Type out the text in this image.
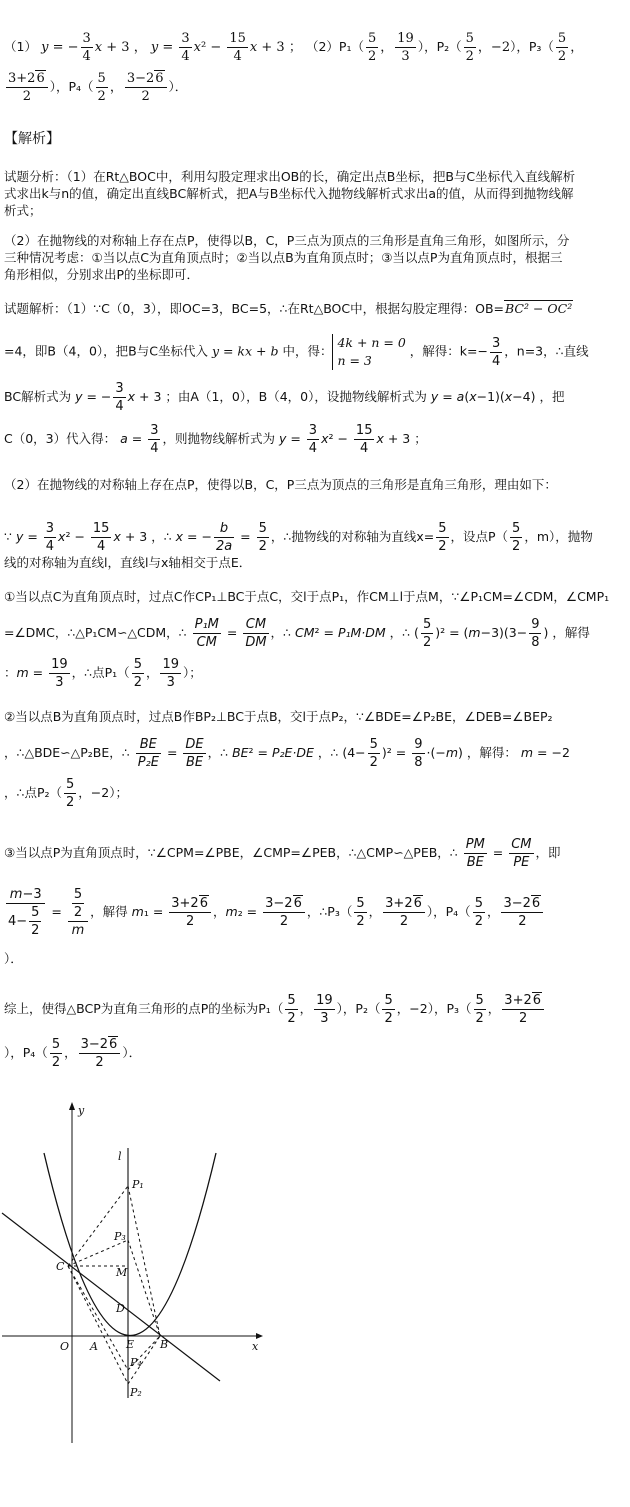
（1） y = − $\frac{3}{4}$ x + 3 ， $y = \frac{3}{4} x^2 - \frac{15}{4}$ x + 3 ； $(2)P_1( \frac{5}{2}$ ， $\frac{19}{3}$ ），$P_2( \frac{5}{2}$ ，−2），$P_3( \frac{5}{2}$ ，
$\frac{3+26}{2}$ ），$P_4( \frac{5}{2}$ ， $\frac{3-26}{2}$ ）．
【解析】
试题分析：（1）在Rt△BOC中，利用勾股定理求出OB的长，确定出点B坐标，把B与C坐标代入直线解析
式求出k与n的值，确定出直线BC解析式，把A与B坐标代入抛物线解析式求出a的值，从而得到抛物线解
析式；
（2）在抛物线的对称轴上存在点P，使得以B，C，P三点为顶点的三角形是直角三角形，如图所示，分
三种情况考虑：①当以点C为直角顶点时；②当以点B为直角顶点时；③当以点P为直角顶点时，根据三
角形相似，分别求出P的坐标即可．
试题解析：（1）∵C（0，3），即OC=3，BC=5，∴在Rt△BOC中，根据勾股定理得：OB=BC² − OC²
=4，即B（4，0），把B与C坐标代入 y = kx + b 中，得：4k + n = 0
n = 3 ，解得：$k=- \frac{3}{4}$ ，n=3，∴直线
BC解析式为 y = − $\frac{3}{4}$ x + 3 ；由A（1，0），B（4，0），设抛物线解析式为 y = a(x−1)(x−4) ，把
C（0，3）代入得： $a = \frac{3}{4}$ ，则抛物线解析式为 $y = \frac{3}{4} x^2 - \frac{15}{4}$ x + 3 ；
（2）在抛物线的对称轴上存在点P，使得以B，C，P三点为顶点的三角形是直角三角形，理由如下：
∵ $y = \frac{3}{4} x^2 - \frac{15}{4}$ x + 3 ，∴ x = − $\frac{b}{2a} = \frac{5}{2}$ ，∴抛物线的对称轴为直线$x= \frac{5}{2}$ ，设点$P( \frac{5}{2}$ ，m），抛物
线的对称轴为直线l，直线l与x轴相交于点E．
①当以点C为直角顶点时，过点C作CP₁⊥BC于点C，交l于点P₁，作CM⊥l于点M，∵∠P₁CM=∠CDM，∠CMP₁
=∠DMC，∴△P₁CM∽△CDM，∴ $\frac{\text{P₁M}}{CM} = \frac{CM}{DM}$ ，∴ CM² = P₁M·DM ，∴ ( $\frac{5}{2} )^2 = (m-3)(3- \frac{9}{8}$ ) ，解得
：$m = \frac{19}{3}$ ，∴点$P_1( \frac{5}{2}$ ， $\frac{19}{3}$ ）；
②当以点B为直角顶点时，过点B作BP₂⊥BC于点B，交l于点P₂，∵∠BDE=∠P₂BE，∠DEB=∠BEP₂
，∴△BDE∽△P₂BE，∴ $\frac{BE}{\text{P₂E}} = \frac{DE}{BE}$ ，∴ BE² = P₂E·DE ，∴ $(4- \frac{5}{2} )^2 = \frac{9}{8} \cdot(-m)$ ，解得： m = −2
，∴点$P_2( \frac{5}{2}$ ，−2）；
③当以点P为直角顶点时，∵∠CPM=∠PBE，∠CMP=∠PEB，∴△CMP∽△PEB，∴ $\frac{PM}{BE} = \frac{CM}{PE}$ ，即
$\frac{m-3}{4- \frac{5}{2}} = \frac{\frac{5}{2}}{m}$ ，解得 $m_1 = \frac{3+26}{2}$ ，$m_2 = \frac{3-26}{2}$ ，∴P₃（ $\frac{5}{2}$ ， $\frac{3+26}{2}$ ），$P_4( \frac{5}{2}$ ， $\frac{3-26}{2}$
）．
综上，使得△BCP为直角三角形的点P的坐标为$P_1( \frac{5}{2}$ ， $\frac{19}{3}$ ），$P_2( \frac{5}{2}$ ，−2），$P_3( \frac{5}{2}$ ， $\frac{3+26}{2}$
），$P_4( \frac{5}{2}$ ， $\frac{3-26}{2}$ ）．
y
x
O A	E B
C
D
M
l
P₁
P₃
P₄
P₂
